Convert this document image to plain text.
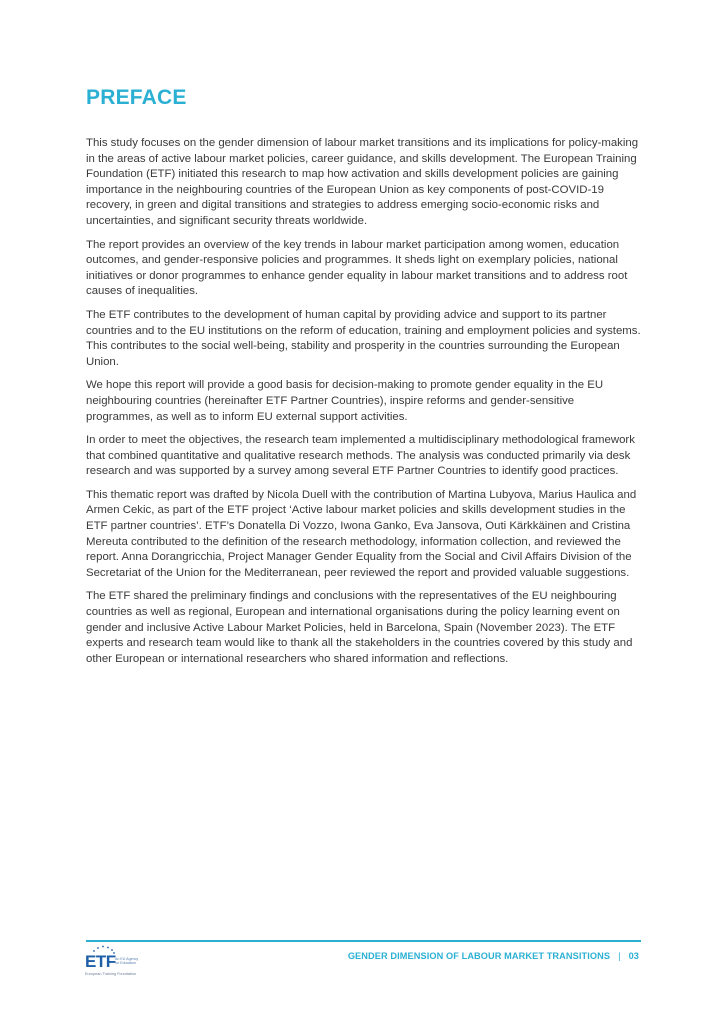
PREFACE

This study focuses on the gender dimension of labour market transitions and its implications for policy-making in the areas of active labour market policies, career guidance, and skills development. The European Training Foundation (ETF) initiated this research to map how activation and skills development policies are gaining importance in the neighbouring countries of the European Union as key components of post-COVID-19 recovery, in green and digital transitions and strategies to address emerging socio-economic risks and uncertainties, and significant security threats worldwide.

The report provides an overview of the key trends in labour market participation among women, education outcomes, and gender-responsive policies and programmes. It sheds light on exemplary policies, national initiatives or donor programmes to enhance gender equality in labour market transitions and to address root causes of inequalities.

The ETF contributes to the development of human capital by providing advice and support to its partner countries and to the EU institutions on the reform of education, training and employment policies and systems. This contributes to the social well-being, stability and prosperity in the countries surrounding the European Union.

We hope this report will provide a good basis for decision-making to promote gender equality in the EU neighbouring countries (hereinafter ETF Partner Countries), inspire reforms and gender-sensitive programmes, as well as to inform EU external support activities.

In order to meet the objectives, the research team implemented a multidisciplinary methodological framework that combined quantitative and qualitative research methods. The analysis was conducted primarily via desk research and was supported by a survey among several ETF Partner Countries to identify good practices.

This thematic report was drafted by Nicola Duell with the contribution of Martina Lubyova, Marius Haulica and Armen Cekic, as part of the ETF project ‘Active labour market policies and skills development studies in the ETF partner countries’. ETF’s Donatella Di Vozzo, Iwona Ganko, Eva Jansova, Outi Kärkkäinen and Cristina Mereuta contributed to the definition of the research methodology, information collection, and reviewed the report. Anna Dorangricchia, Project Manager Gender Equality from the Social and Civil Affairs Division of the Secretariat of the Union for the Mediterranean, peer reviewed the report and provided valuable suggestions.

The ETF shared the preliminary findings and conclusions with the representatives of the EU neighbouring countries as well as regional, European and international organisations during the policy learning event on gender and inclusive Active Labour Market Policies, held in Barcelona, Spain (November 2023). The ETF experts and research team would like to thank all the stakeholders in the countries covered by this study and other European or international researchers who shared information and reflections.

ETF An EU Agency for Education
European Training Foundation
GENDER DIMENSION OF LABOUR MARKET TRANSITIONS | 03
